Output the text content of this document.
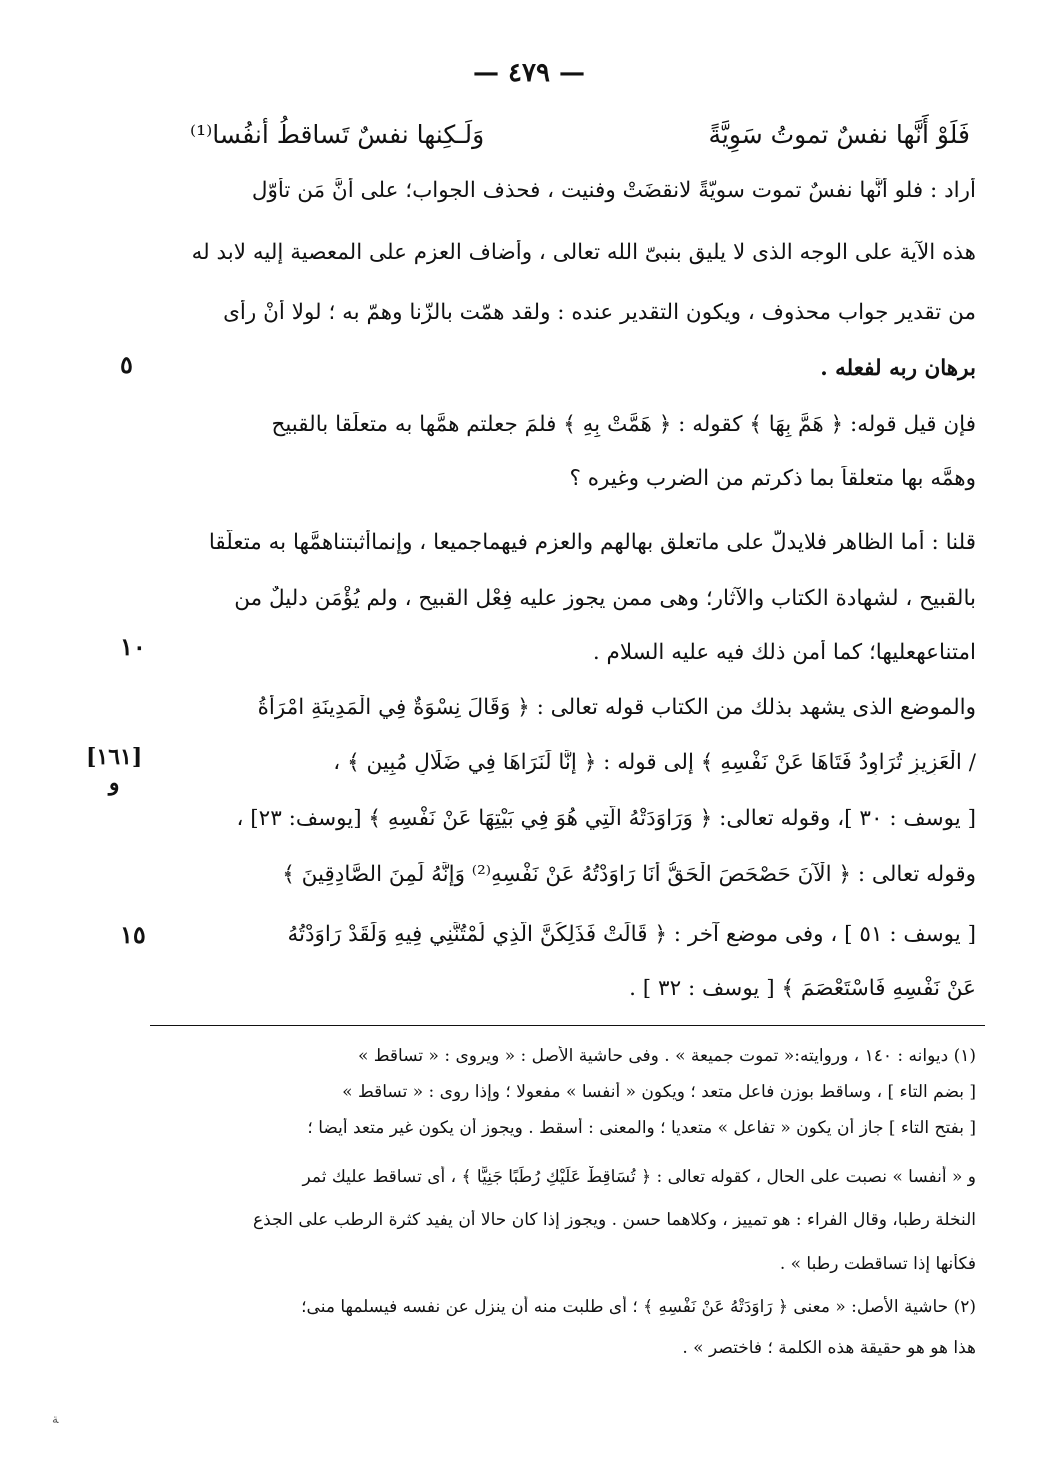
— ٤٧٩ —
فَلَوْ أَنَّها نفسٌ تموتُ سَوِيَّةً
وَلَـكِنها نفسٌ تَساقطُ أنفُسا⁽¹⁾
أراد : فلو أنَّها نفسٌ تموت سويّةً لانقضَتْ وفنيت ، فحذف الجواب؛ على أنَّ مَن تأوّل
هذه الآية على الوجه الذى لا يليق بنبىّ الله تعالى ، وأضاف العزم على المعصية إليه لابد له
من تقدير جواب محذوف ، ويكون التقدير عنده : ولقد همّت بالزّنا وهمّ به ؛ لولا أنْ رأى
برهان ربه لفعله .
فإن قيل قوله: ﴿ هَمَّ بِهَا ﴾ كقوله : ﴿ هَمَّتْ بِهِ ﴾ فلمَ جعلتم همَّها به متعلِّقا بالقبيح
وهمَّه بها متعلقاً بما ذكرتم من الضرب وغيره ؟
قلنا : أما الظاهر فلايدلُّ على ماتعلق بهالهم والعزم فيهماجميعا ، وإنماأثبتناهمَّها به متعلّقا
بالقبيح ، لشهادة الكتاب والآثار؛ وهى ممن يجوز عليه فِعْل القبيح ، ولم يُؤْمَن دليلٌ من
امتناعهعليها؛ كما أُمن ذلك فيه عليه السلام .
والموضع الذى يشهد بذلك من الكتاب قوله تعالى : ﴿ وَقَالَ نِسْوَةٌ فِي الْمَدِينَةِ امْرَأَةُ
/ الْعَزِيزِ تُرَاوِدُ فَتَاهَا عَنْ نَفْسِهِ ﴾ إلى قوله : ﴿ إِنَّا لَنَرَاهَا فِي ضَلَالٍ مُبِينٍ ﴾ ،
[ يوسف : ٣٠ ]، وقوله تعالى: ﴿ وَرَاوَدَتْهُ الَّتِي هُوَ فِي بَيْتِهَا عَنْ نَفْسِهِ ﴾ [يوسف: ٢٣] ،
وقوله تعالى : ﴿ الْآنَ حَصْحَصَ الْحَقُّ أَنَا رَاوَدْتُهُ عَنْ نَفْسِهِ⁽²⁾ وَإِنَّهُ لَمِنَ الصَّادِقِينَ ﴾
[ يوسف : ٥١ ] ، وفى موضع آخر : ﴿ قَالَتْ فَذَلِكُنَّ الَّذِي لُمْتُنَّنِي فِيهِ وَلَقَدْ رَاوَدْتُهُ
عَنْ نَفْسِهِ فَاسْتَعْصَمَ ﴾ [ يوسف : ٣٢ ] .
٥
١٠
١٥
[١٦١]
و
(١) ديوانه : ١٤٠ ، وروايته:« تموت جميعة » . وفى حاشية الأصل : « ويروى : « تساقط »
[ بضم التاء ] ، وساقط بوزن فاعل متعد ؛ ويكون « أنفسا » مفعولا ؛ وإذا روى : « تساقط »
[ بفتح التاء ] جاز أن يكون « تفاعل » متعديا ؛ والمعنى : أسقط . ويجوز أن يكون غير متعد أيضا ؛
و « أنفسا » نصبت على الحال ، كقوله تعالى : ﴿ تُسَاقِطْ عَلَيْكِ رُطَبًا جَنِيًّا ﴾ ، أى تساقط عليك ثمر
النخلة رطبا، وقال الفراء : هو تمييز ، وكلاهما حسن . ويجوز إذا كان حالا أن يفيد كثرة الرطب على الجذع
فكأنها إذا تساقطت رطبا » .
(٢) حاشية الأصل: « معنى ﴿ رَاوَدَتْهُ عَنْ نَفْسِهِ ﴾ ؛ أى طلبت منه أن ينزل عن نفسه فيسلمها منى؛
هذا هو هو حقيقة هذه الكلمة ؛ فاختصر » .
ﺔ
